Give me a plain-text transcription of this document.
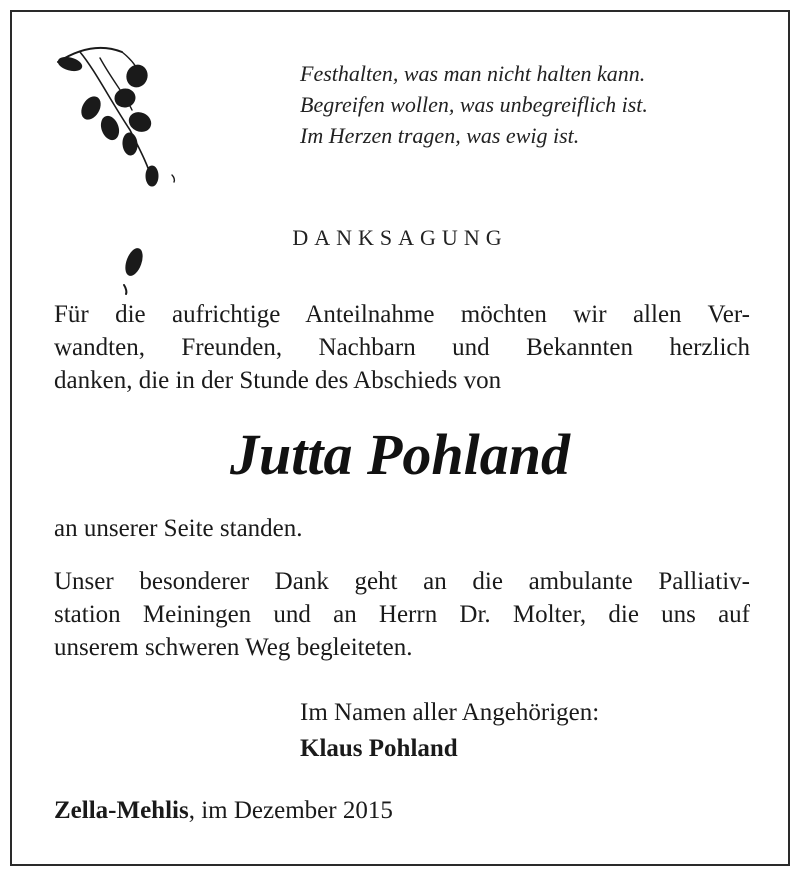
Festhalten, was man nicht halten kann.
Begreifen wollen, was unbegreiflich ist.
Im Herzen tragen, was ewig ist.
DANKSAGUNG
Für die aufrichtige Anteilnahme möchten wir allen Ver-
wandten, Freunden, Nachbarn und Bekannten herzlich
danken, die in der Stunde des Abschieds von
Jutta Pohland
an unserer Seite standen.
Unser besonderer Dank geht an die ambulante Palliativ-
station Meiningen und an Herrn Dr. Molter, die uns auf
unserem schweren Weg begleiteten.
Im Namen aller Angehörigen:
Klaus Pohland
Zella-Mehlis, im Dezember 2015
